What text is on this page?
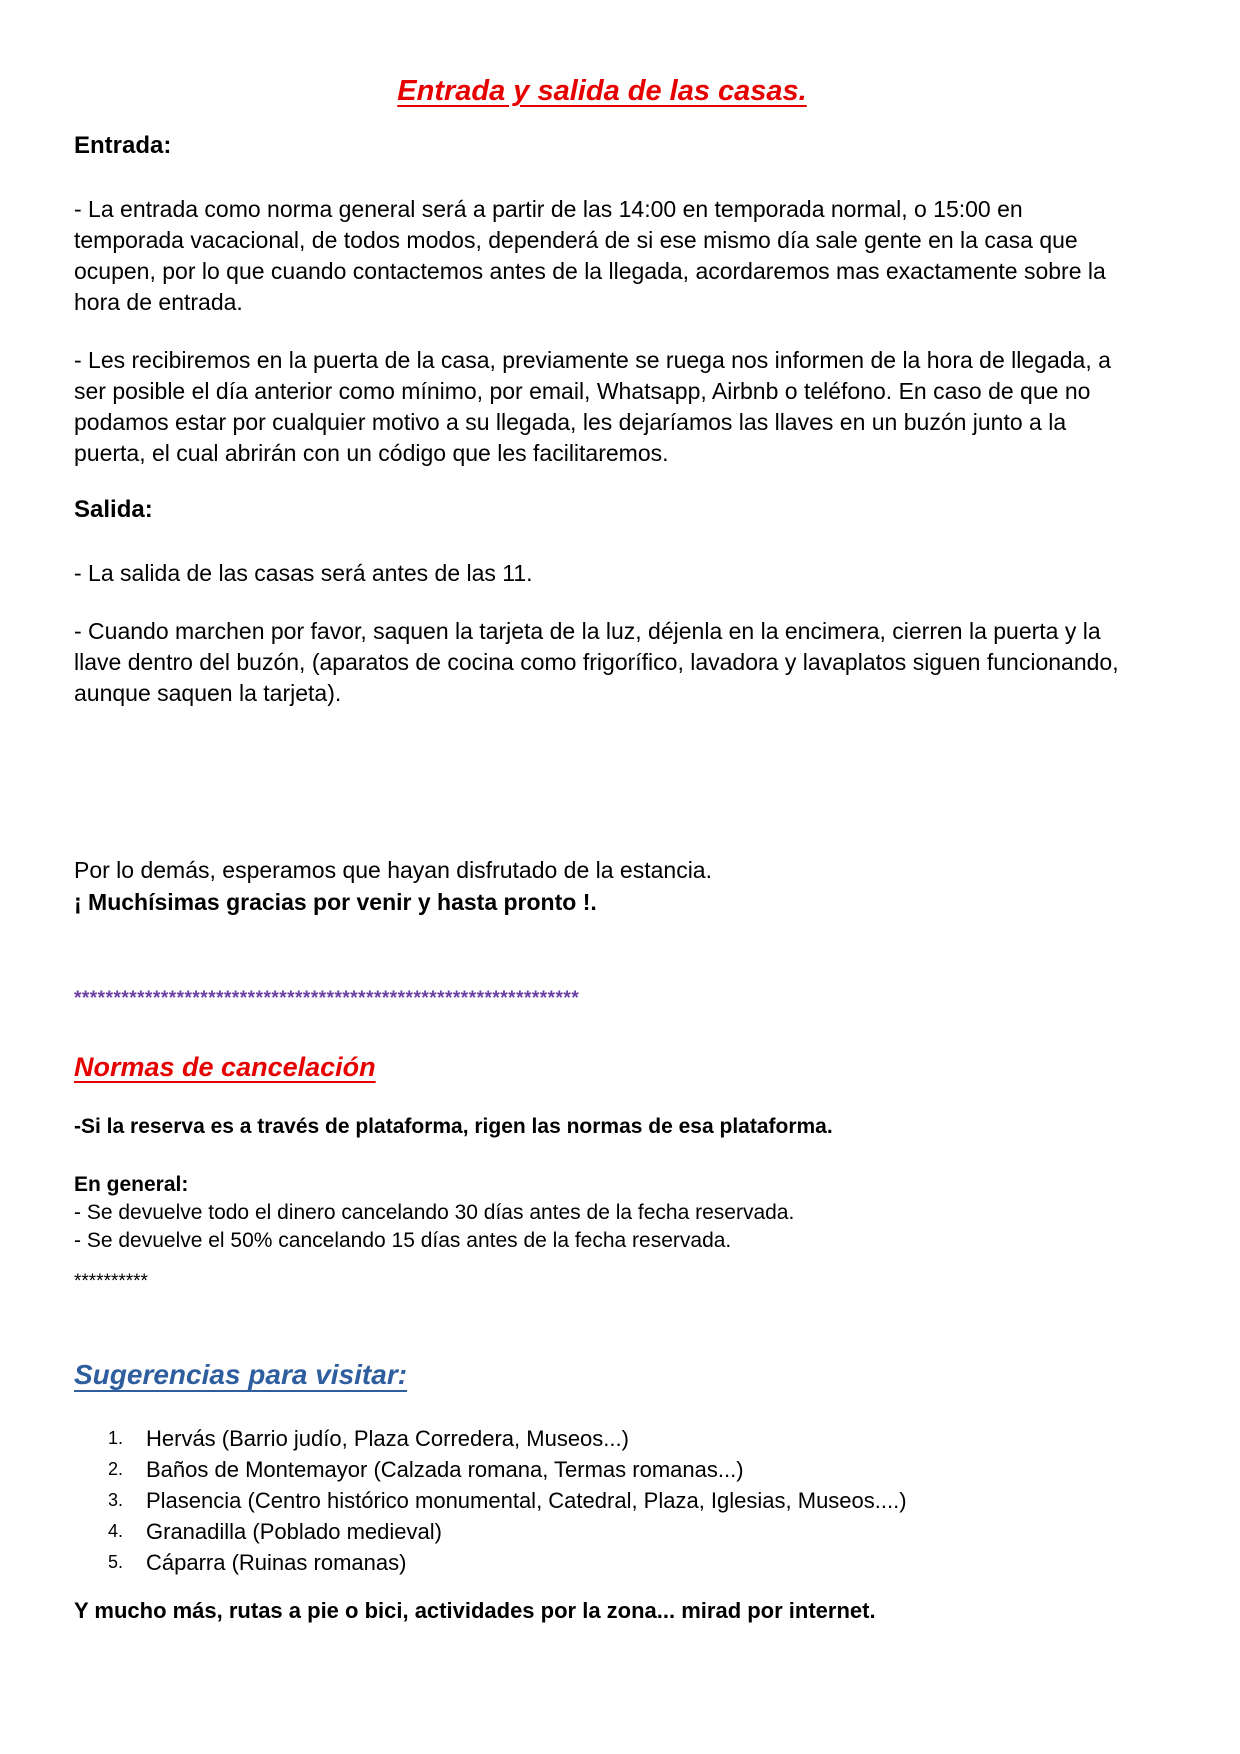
Entrada y salida de las casas.
Entrada:

- La entrada como norma general será a partir de las 14:00 en temporada normal, o 15:00 en temporada vacacional, de todos modos, dependerá de si ese mismo día sale gente en la casa que ocupen, por lo que cuando contactemos antes de la llegada, acordaremos mas exactamente sobre la hora de entrada.

- Les recibiremos en la puerta de la casa, previamente se ruega nos informen de la hora de llegada, a ser posible el día anterior como mínimo, por email, Whatsapp, Airbnb o teléfono. En caso de que no podamos estar por cualquier motivo a su llegada, les dejaríamos las llaves en un buzón junto a la puerta, el cual abrirán con un código que les facilitaremos.

Salida:

- La salida de las casas será antes de las 11.

- Cuando marchen por favor, saquen la tarjeta de la luz, déjenla en la encimera, cierren la puerta y la llave dentro del buzón, (aparatos de cocina como frigorífico, lavadora y lavaplatos siguen funcionando, aunque saquen la tarjeta).

Por lo demás, esperamos que hayan disfrutado de la estancia.

¡ Muchísimas gracias por venir y hasta pronto !.

****************************************************************
Normas de cancelación

-Si la reserva es a través de plataforma, rigen las normas de esa plataforma.

En general:

- Se devuelve todo el dinero cancelando 30 días antes de la fecha reservada.

- Se devuelve el 50% cancelando 15 días antes de la fecha reservada.

**********
Sugerencias para visitar:
1.	Hervás (Barrio judío, Plaza Corredera, Museos...)
2.	Baños de Montemayor (Calzada romana, Termas romanas...)
3.	Plasencia (Centro histórico monumental, Catedral, Plaza, Iglesias, Museos....)
4.	Granadilla (Poblado medieval)
5.	Cáparra (Ruinas romanas)

Y mucho más, rutas a pie o bici, actividades por la zona... mirad por internet.
